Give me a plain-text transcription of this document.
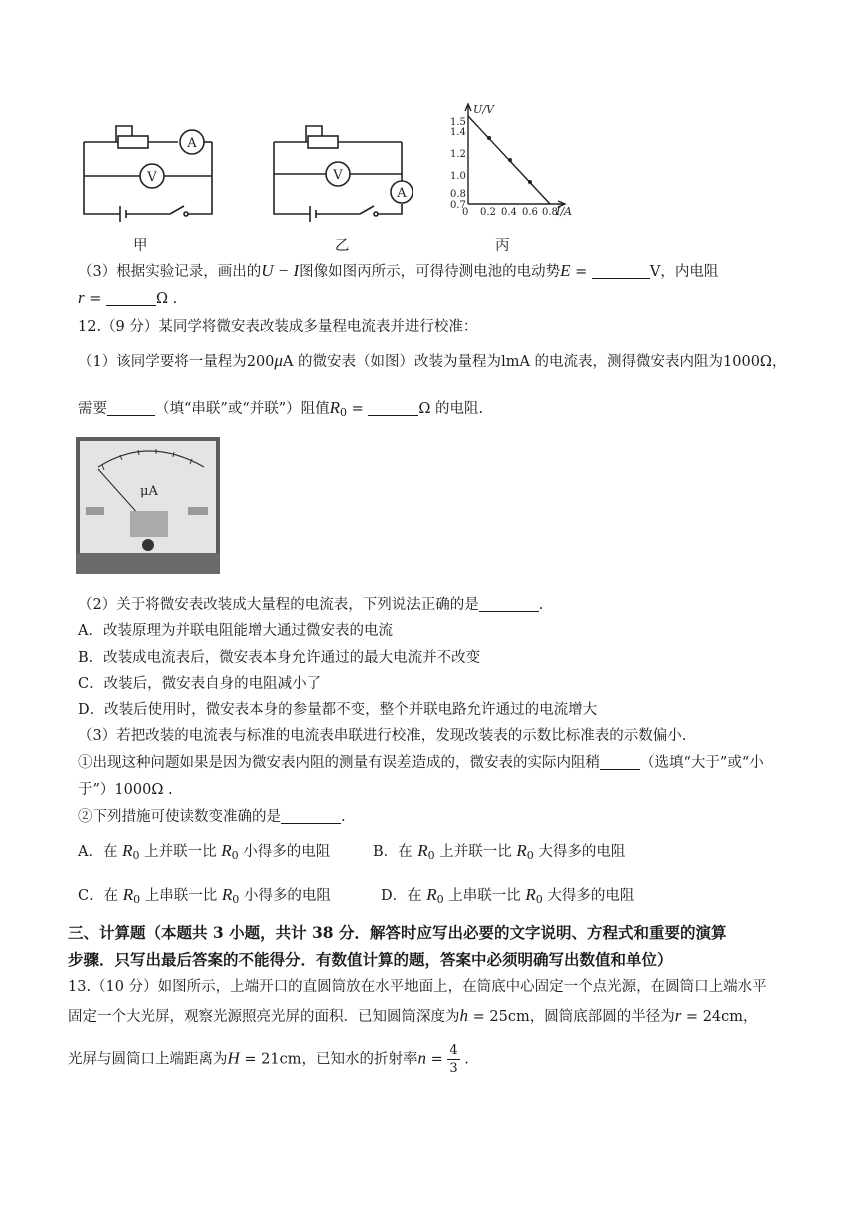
A
V
甲
A
V
乙
U/V
I/A
1.5
1.4
1.2
1.0
0.8
0.7
0 0.2 0.4 0.6 0.8
丙
（3）根据实验记录，画出的U − I图像如图丙所示，可得待测电池的电动势E =	V，内电阻
r =	Ω .
12.（9 分）某同学将微安表改装成多量程电流表并进行校准：
（1）该同学要将一量程为200μA 的微安表（如图）改装为量程为lmA 的电流表，测得微安表内阻为1000Ω，
需要	（填“串联”或“并联”）阻值$R_0$ =	Ω 的电阻.
μA
（2）关于将微安表改装成大量程的电流表，下列说法正确的是	.
A．改装原理为并联电阻能增大通过微安表的电流
B．改装成电流表后，微安表本身允许通过的最大电流并不改变
C．改装后，微安表自身的电阻减小了
D．改装后使用时，微安表本身的参量都不变，整个并联电路允许通过的电流增大
（3）若把改装的电流表与标准的电流表串联进行校准，发现改装表的示数比标准表的示数偏小.
①出现这种问题如果是因为微安表内阻的测量有误差造成的，微安表的实际内阻稍	（选填“大于”或“小
于”）1000Ω .
②下列措施可使读数变准确的是	.
A．在 $R_0$ 上并联一比 $R_0$ 小得多的电阻	B．在 $R_0$ 上并联一比 $R_0$ 大得多的电阻
C．在 $R_0$ 上串联一比 $R_0$ 小得多的电阻	D．在 $R_0$ 上串联一比 $R_0$ 大得多的电阻
三、计算题（本题共 3 小题，共计 38 分．解答时应写出必要的文字说明、方程式和重要的演算
步骤．只写出最后答案的不能得分．有数值计算的题，答案中必须明确写出数值和单位）
13.（10 分）如图所示，上端开口的直圆筒放在水平地面上，在筒底中心固定一个点光源，在圆筒口上端水平
固定一个大光屏，观察光源照亮光屏的面积．已知圆筒深度为h = 25cm，圆筒底部圆的半径为r = 24cm，
光屏与圆筒口上端距离为H = 21cm，已知水的折射率$n = \frac{4}{3}$ .
